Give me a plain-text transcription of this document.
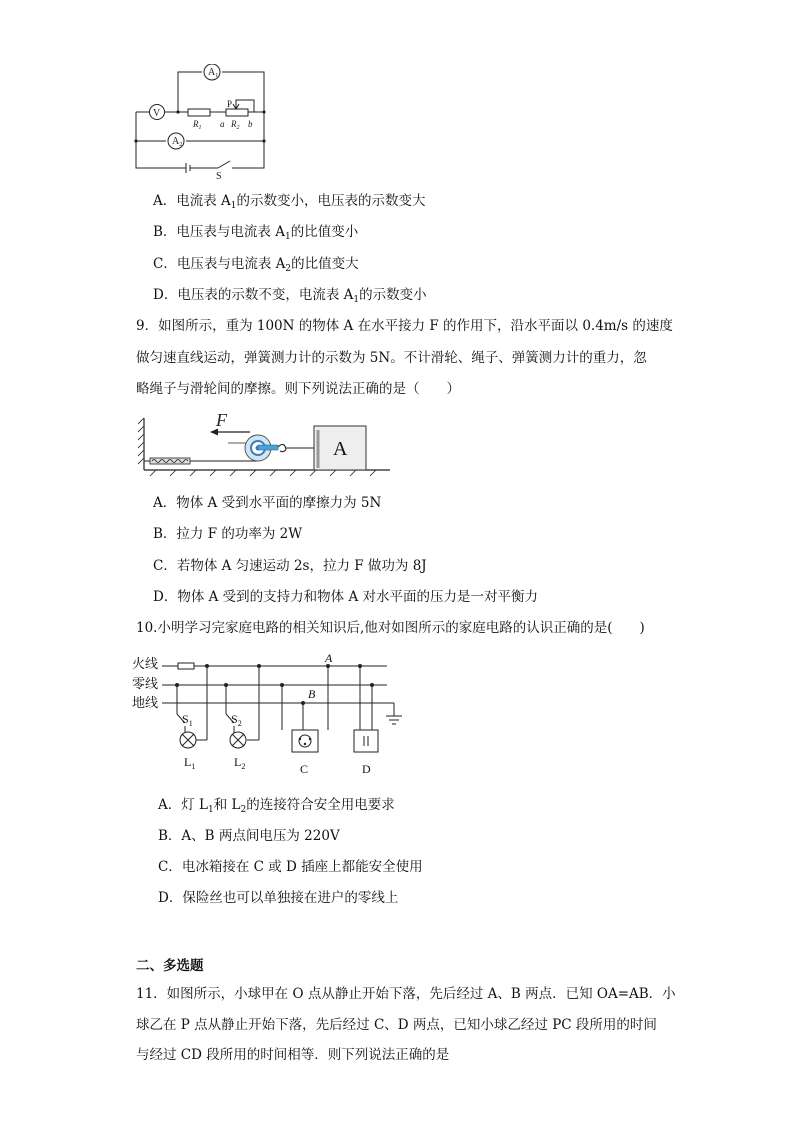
$A_1$
V
$A_2$
P
$R_1$ a $R_2$ b
S
A．电流表 $A_1$的示数变小，电压表的示数变大
B．电压表与电流表 $A_1$的比值变小
C．电压表与电流表 $A_2$的比值变大
D．电压表的示数不变，电流表 $A_1$的示数变小
9．如图所示，重为 100N 的物体 A 在水平接力 F 的作用下，沿水平面以 0.4m/s 的速度
做匀速直线运动，弹簧测力计的示数为 5N。不计滑轮、绳子、弹簧测力计的重力，忽
略绳子与滑轮间的摩擦。则下列说法正确的是（　　）
F
A
A．物体 A 受到水平面的摩擦力为 5N
B．拉力 F 的功率为 2W
C．若物体 A 匀速运动 2s，拉力 F 做功为 8J
D．物体 A 受到的支持力和物体 A 对水平面的压力是一对平衡力
10.小明学习完家庭电路的相关知识后,他对如图所示的家庭电路的认识正确的是(　　)
火线
零线
地线
A
B
$S_1$	$S_2$
$L_1$	$L_2$	C	D
A．灯 $L_1$和 $L_2$的连接符合安全用电要求
B．A、B 两点间电压为 220V
C．电冰箱接在 C 或 D 插座上都能安全使用
D．保险丝也可以单独接在进户的零线上
二、多选题
11．如图所示，小球甲在 O 点从静止开始下落，先后经过 A、B 两点．已知 OA=AB．小
球乙在 P 点从静止开始下落，先后经过 C、D 两点，已知小球乙经过 PC 段所用的时间
与经过 CD 段所用的时间相等．则下列说法正确的是
